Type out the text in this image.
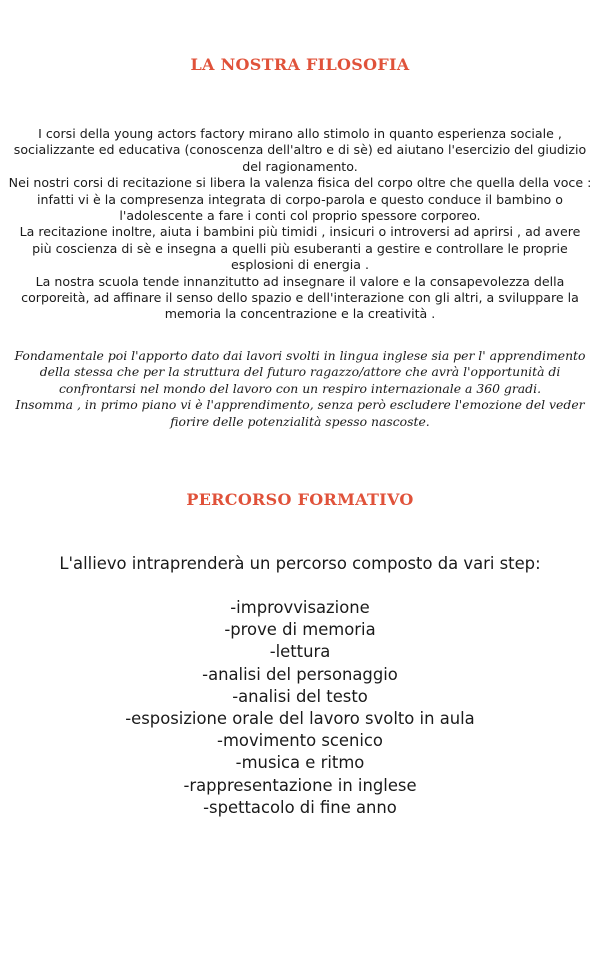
LA NOSTRA FILOSOFIA

I corsi della young actors factory mirano allo stimolo in quanto esperienza sociale , socializzante ed educativa (conoscenza dell'altro e di sè) ed aiutano l'esercizio del giudizio del ragionamento.

Nei nostri corsi di recitazione si libera la valenza fisica del corpo oltre che quella della voce : infatti vi è la compresenza integrata di corpo-parola e questo conduce il bambino o l'adolescente a fare i conti col proprio spessore corporeo.

La recitazione inoltre, aiuta i bambini più timidi , insicuri o introversi ad aprirsi , ad avere più coscienza di sè e insegna a quelli più esuberanti a gestire e controllare le proprie esplosioni di energia .

La nostra scuola tende innanzitutto ad insegnare il valore e la consapevolezza della corporeità, ad affinare il senso dello spazio e dell'interazione con gli altri, a sviluppare la memoria la concentrazione e la creatività .

Fondamentale poi l'apporto dato dai lavori svolti in lingua inglese sia per l' apprendimento della stessa che per la struttura del futuro ragazzo/attore che avrà l'opportunità di confrontarsi nel mondo del lavoro con un respiro internazionale a 360 gradi.

Insomma , in primo piano vi è l'apprendimento, senza però escludere l'emozione del veder fiorire delle potenzialità spesso nascoste.

PERCORSO FORMATIVO

L'allievo intraprenderà un percorso composto da vari step:

-improvvisazione
-prove di memoria
-lettura
-analisi del personaggio
-analisi del testo
-esposizione orale del lavoro svolto in aula
-movimento scenico
-musica e ritmo
-rappresentazione in inglese
-spettacolo di fine anno
